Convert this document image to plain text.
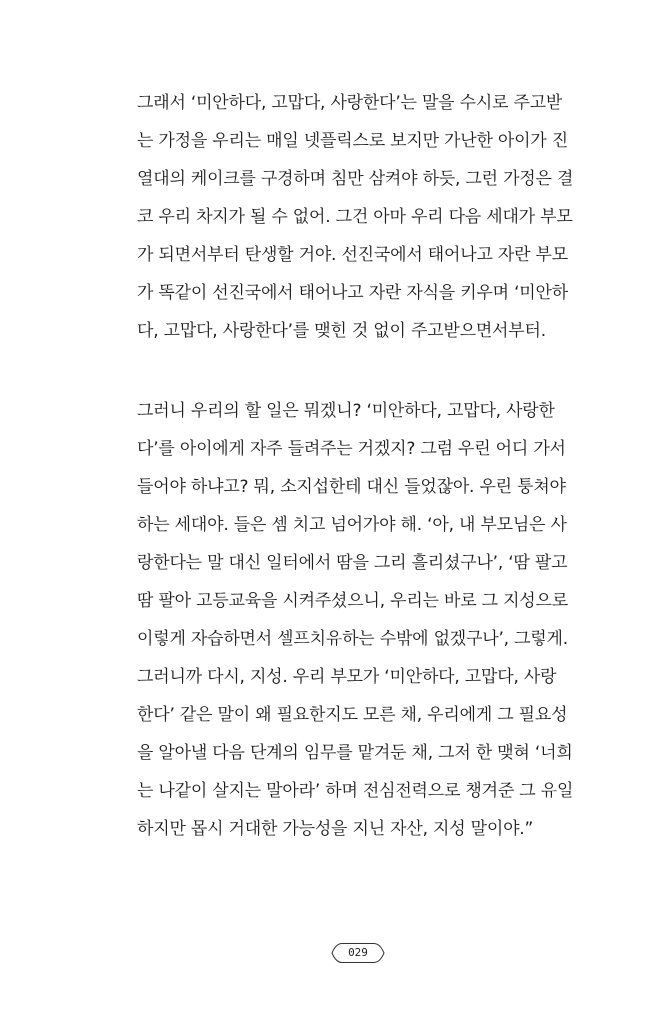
그래서 ‘미안하다, 고맙다, 사랑한다’는 말을 수시로 주고받
는 가정을 우리는 매일 넷플릭스로 보지만 가난한 아이가 진
열대의 케이크를 구경하며 침만 삼켜야 하듯, 그런 가정은 결
코 우리 차지가 될 수 없어. 그건 아마 우리 다음 세대가 부모
가 되면서부터 탄생할 거야. 선진국에서 태어나고 자란 부모
가 똑같이 선진국에서 태어나고 자란 자식을 키우며 ‘미안하
다, 고맙다, 사랑한다’를 맺힌 것 없이 주고받으면서부터.
그러니 우리의 할 일은 뭐겠니? ‘미안하다, 고맙다, 사랑한
다’를 아이에게 자주 들려주는 거겠지? 그럼 우린 어디 가서
들어야 하냐고? 뭐, 소지섭한테 대신 들었잖아. 우린 퉁쳐야
하는 세대야. 들은 셈 치고 넘어가야 해. ‘아, 내 부모님은 사
랑한다는 말 대신 일터에서 땀을 그리 흘리셨구나’, ‘땀 팔고
땀 팔아 고등교육을 시켜주셨으니, 우리는 바로 그 지성으로
이렇게 자습하면서 셀프치유하는 수밖에 없겠구나’, 그렇게.
그러니까 다시, 지성. 우리 부모가 ‘미안하다, 고맙다, 사랑
한다’ 같은 말이 왜 필요한지도 모른 채, 우리에게 그 필요성
을 알아낼 다음 단계의 임무를 맡겨둔 채, 그저 한 맺혀 ‘너희
는 나같이 살지는 말아라’ 하며 전심전력으로 챙겨준 그 유일
하지만 몹시 거대한 가능성을 지닌 자산, 지성 말이야.”
029
